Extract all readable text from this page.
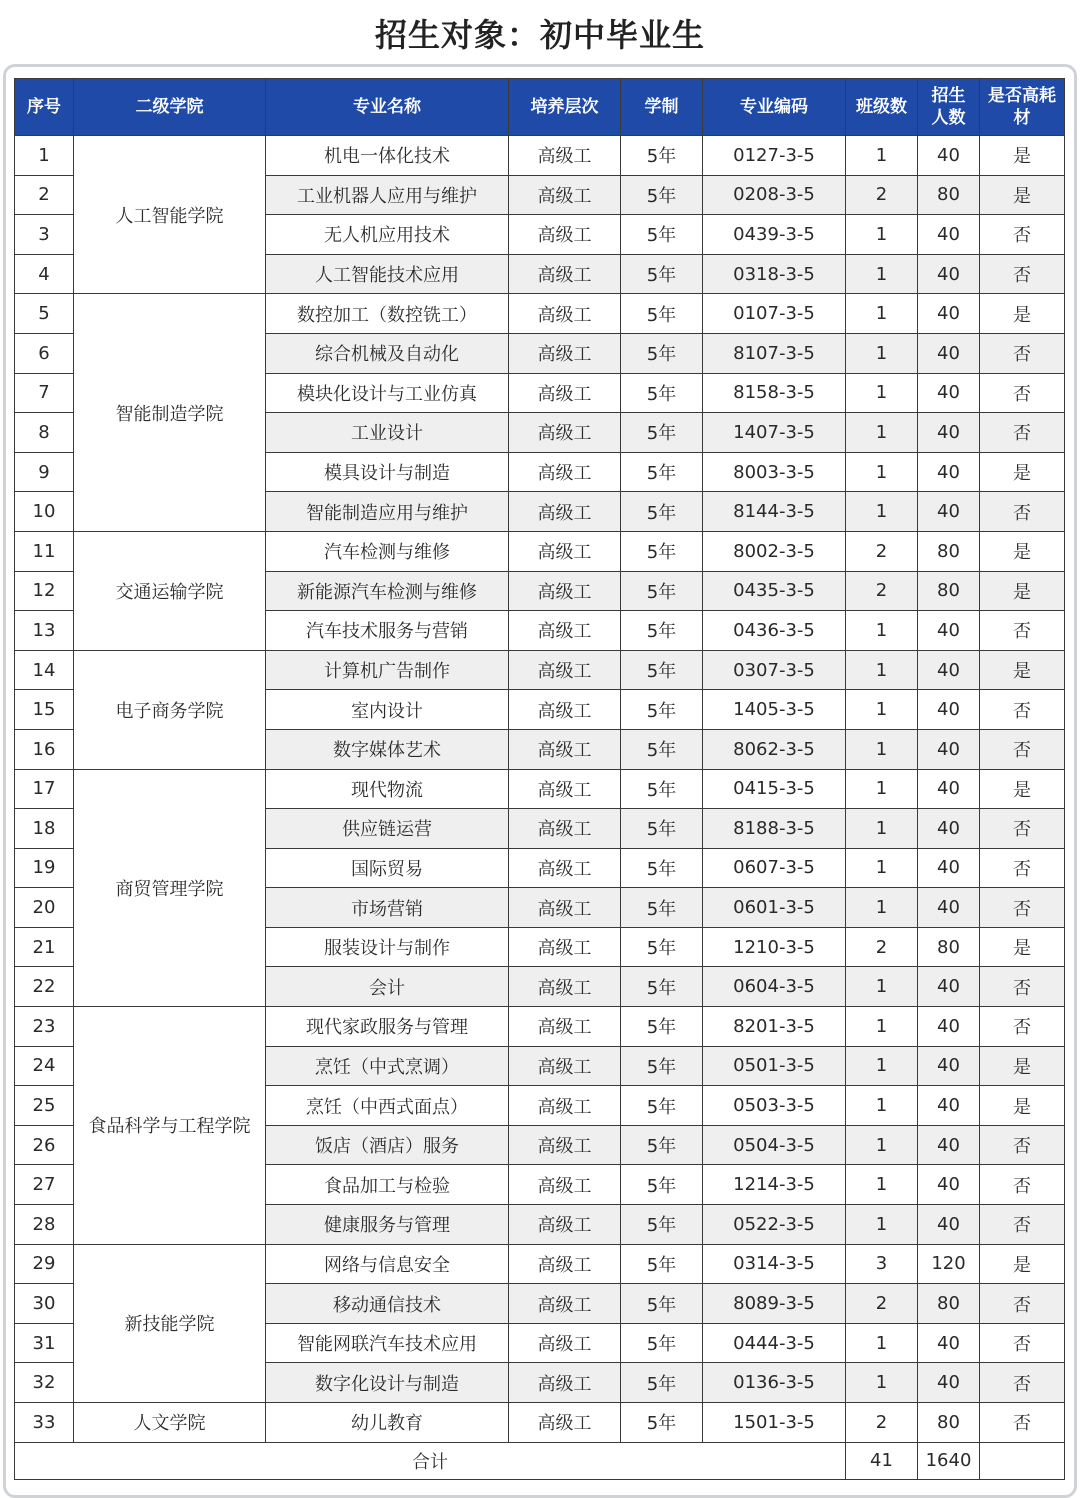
招生对象：初中毕业生
序号	二级学院	专业名称	培养层次	学制	专业编码	班级数	招生人数	是否高耗材
1	人工智能学院	机电一体化技术	高级工	5年	0127-3-5	1	40	是
2		工业机器人应用与维护	高级工	5年	0208-3-5	2	80	是
3		无人机应用技术	高级工	5年	0439-3-5	1	40	否
4		人工智能技术应用	高级工	5年	0318-3-5	1	40	否
5	智能制造学院	数控加工（数控铣工）	高级工	5年	0107-3-5	1	40	是
6		综合机械及自动化	高级工	5年	8107-3-5	1	40	否
7		模块化设计与工业仿真	高级工	5年	8158-3-5	1	40	否
8		工业设计	高级工	5年	1407-3-5	1	40	否
9		模具设计与制造	高级工	5年	8003-3-5	1	40	是
10		智能制造应用与维护	高级工	5年	8144-3-5	1	40	否
11	交通运输学院	汽车检测与维修	高级工	5年	8002-3-5	2	80	是
12		新能源汽车检测与维修	高级工	5年	0435-3-5	2	80	是
13		汽车技术服务与营销	高级工	5年	0436-3-5	1	40	否
14	电子商务学院	计算机广告制作	高级工	5年	0307-3-5	1	40	是
15		室内设计	高级工	5年	1405-3-5	1	40	否
16		数字媒体艺术	高级工	5年	8062-3-5	1	40	否
17	商贸管理学院	现代物流	高级工	5年	0415-3-5	1	40	是
18		供应链运营	高级工	5年	8188-3-5	1	40	否
19		国际贸易	高级工	5年	0607-3-5	1	40	否
20		市场营销	高级工	5年	0601-3-5	1	40	否
21		服装设计与制作	高级工	5年	1210-3-5	2	80	是
22		会计	高级工	5年	0604-3-5	1	40	否
23	食品科学与工程学院	现代家政服务与管理	高级工	5年	8201-3-5	1	40	否
24		烹饪（中式烹调）	高级工	5年	0501-3-5	1	40	是
25		烹饪（中西式面点）	高级工	5年	0503-3-5	1	40	是
26		饭店（酒店）服务	高级工	5年	0504-3-5	1	40	否
27		食品加工与检验	高级工	5年	1214-3-5	1	40	否
28		健康服务与管理	高级工	5年	0522-3-5	1	40	否
29	新技能学院	网络与信息安全	高级工	5年	0314-3-5	3	120	是
30		移动通信技术	高级工	5年	8089-3-5	2	80	否
31		智能网联汽车技术应用	高级工	5年	0444-3-5	1	40	否
32		数字化设计与制造	高级工	5年	0136-3-5	1	40	否
33	人文学院	幼儿教育	高级工	5年	1501-3-5	2	80	否
合计						41	1640	
